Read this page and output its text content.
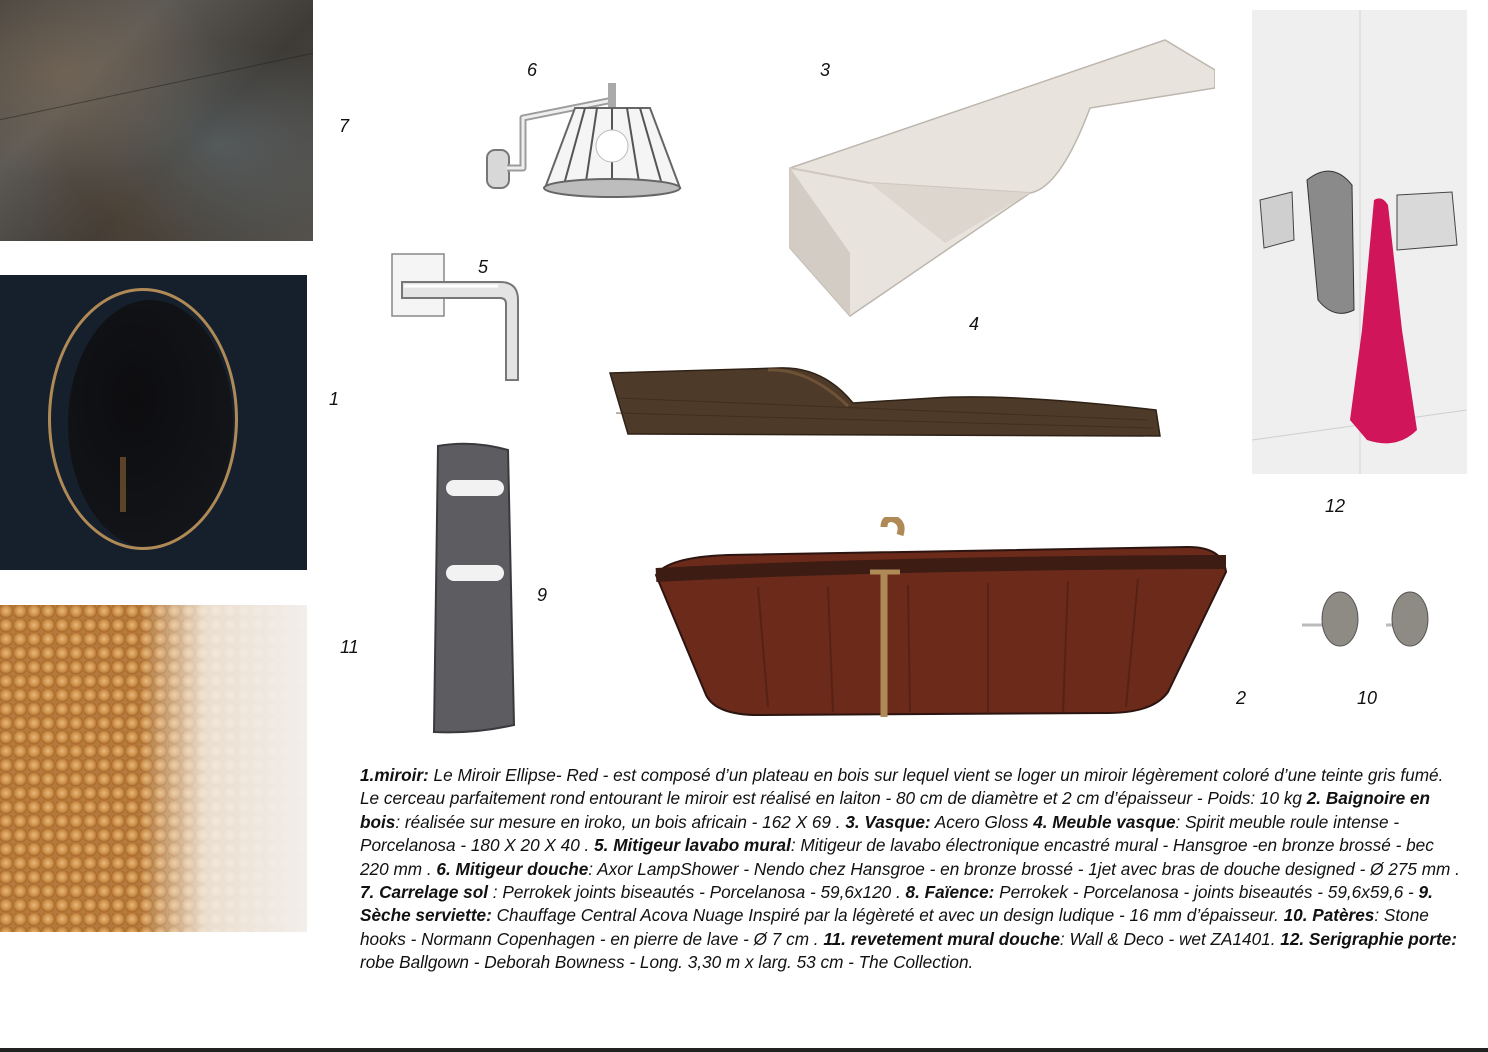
7
6	3
5
4
1
12
9
11
2	10
1.miroir: Le Miroir Ellipse- Red - est composé d’un plateau en bois sur lequel vient se loger un miroir légèrement coloré d’une teinte gris fumé. Le cerceau parfaitement rond entourant le miroir est réalisé en laiton - 80 cm de diamètre et 2 cm d’épaisseur - Poids: 10 kg 2. Baignoire en bois: réalisée sur mesure en iroko, un bois africain - 162 X 69 . 3. Vasque: Acero Gloss 4. Meuble vasque: Spirit meuble roule intense - Porcelanosa - 180 X 20 X 40 . 5. Mitigeur lavabo mural: Mitigeur de lavabo électronique encastré mural - Hansgroe -en bronze brossé - bec 220 mm . 6. Mitigeur douche: Axor LampShower - Nendo chez Hansgroe - en bronze brossé - 1jet avec bras de douche designed - Ø 275 mm . 7. Carrelage sol : Perrokek joints biseautés - Porcelanosa - 59,6x120 . 8. Faïence: Perrokek - Porcelanosa - joints biseautés - 59,6x59,6 - 9. Sèche serviette: Chauffage Central Acova Nuage Inspiré par la légèreté et avec un design ludique - 16 mm d’épaisseur. 10. Patères: Stone hooks - Normann Copenhagen - en pierre de lave - Ø 7 cm . 11. revetement mural douche: Wall & Deco - wet ZA1401. 12. Serigraphie porte: robe Ballgown - Deborah Bowness - Long. 3,30 m x larg. 53 cm - The Collection.
